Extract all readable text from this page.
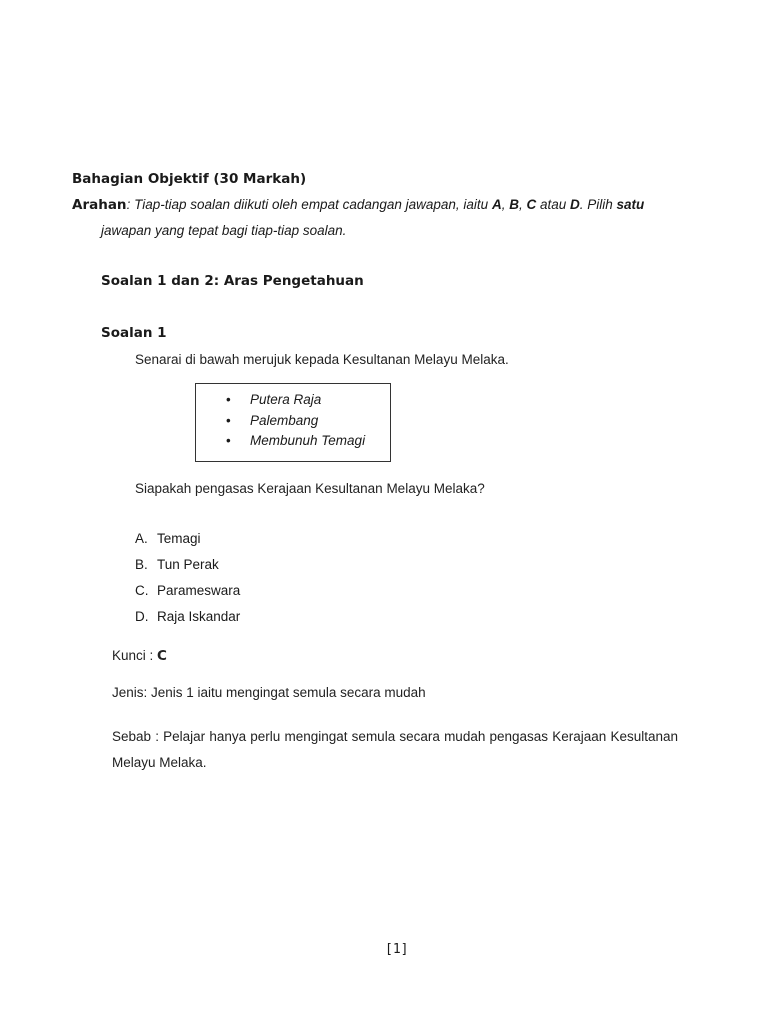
Bahagian Objektif (30 Markah)
Arahan: Tiap-tiap soalan diikuti oleh empat cadangan jawapan, iaitu A, B, C atau D. Pilih satu
jawapan yang tepat bagi tiap-tiap soalan.
Soalan 1 dan 2: Aras Pengetahuan
Soalan 1
Senarai di bawah merujuk kepada Kesultanan Melayu Melaka.
• Putera Raja
• Palembang
• Membunuh Temagi
Siapakah pengasas Kerajaan Kesultanan Melayu Melaka?
A. Temagi
B. Tun Perak
C. Parameswara
D. Raja Iskandar
Kunci : C
Jenis: Jenis 1 iaitu mengingat semula secara mudah
Sebab : Pelajar hanya perlu mengingat semula secara mudah pengasas Kerajaan Kesultanan Melayu Melaka.
[1]
